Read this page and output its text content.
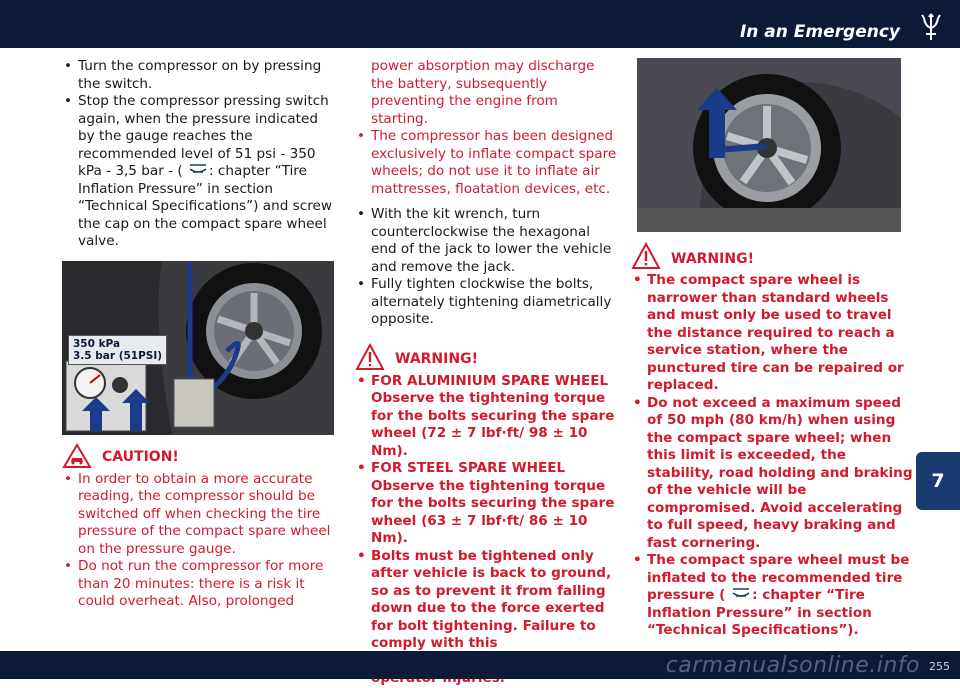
In an Emergency
• Turn the compressor on by pressing the switch.
• Stop the compressor pressing switch again, when the pressure indicated by the gauge reaches the recommended level of 51 psi - 350 kPa - 3,5 bar - ( : chapter “Tire Inflation Pressure” in section “Technical Specifications”) and screw the cap on the compact spare wheel valve.
350 kPa
3.5 bar (51PSI)
CAUTION!
• In order to obtain a more accurate reading, the compressor should be switched off when checking the tire pressure of the compact spare wheel on the pressure gauge.
• Do not run the compressor for more than 20 minutes: there is a risk it could overheat. Also, prolonged
power absorption may discharge the battery, subsequently preventing the engine from starting.
• The compressor has been designed exclusively to inflate compact spare wheels; do not use it to inflate air mattresses, floatation devices, etc.
• With the kit wrench, turn counterclockwise the hexagonal end of the jack to lower the vehicle and remove the jack.
• Fully tighten clockwise the bolts, alternately tightening diametrically opposite.
WARNING!
• FOR ALUMINIUM SPARE WHEEL Observe the tightening torque for the bolts securing the spare wheel (72 ± 7 lbf·ft/ 98 ± 10 Nm).
• FOR STEEL SPARE WHEEL Observe the tightening torque for the bolts securing the spare wheel (63 ± 7 lbf·ft/ 86 ± 10 Nm).
• Bolts must be tightened only after vehicle is back to ground, so as to prevent it from falling down due to the force exerted for bolt tightening. Failure to comply with this
WARNING!
• The compact spare wheel is narrower than standard wheels and must only be used to travel the distance required to reach a service station, where the punctured tire can be repaired or replaced.
• Do not exceed a maximum speed of 50 mph (80 km/h) when using the compact spare wheel; when this limit is exceeded, the stability, road holding and braking of the vehicle will be compromised. Avoid accelerating to full speed, heavy braking and fast cornering.
• The compact spare wheel must be inflated to the recommended tire pressure ( : chapter “Tire Inflation Pressure” in section “Technical Specifications”).
7
carmanualsonline.info 255
